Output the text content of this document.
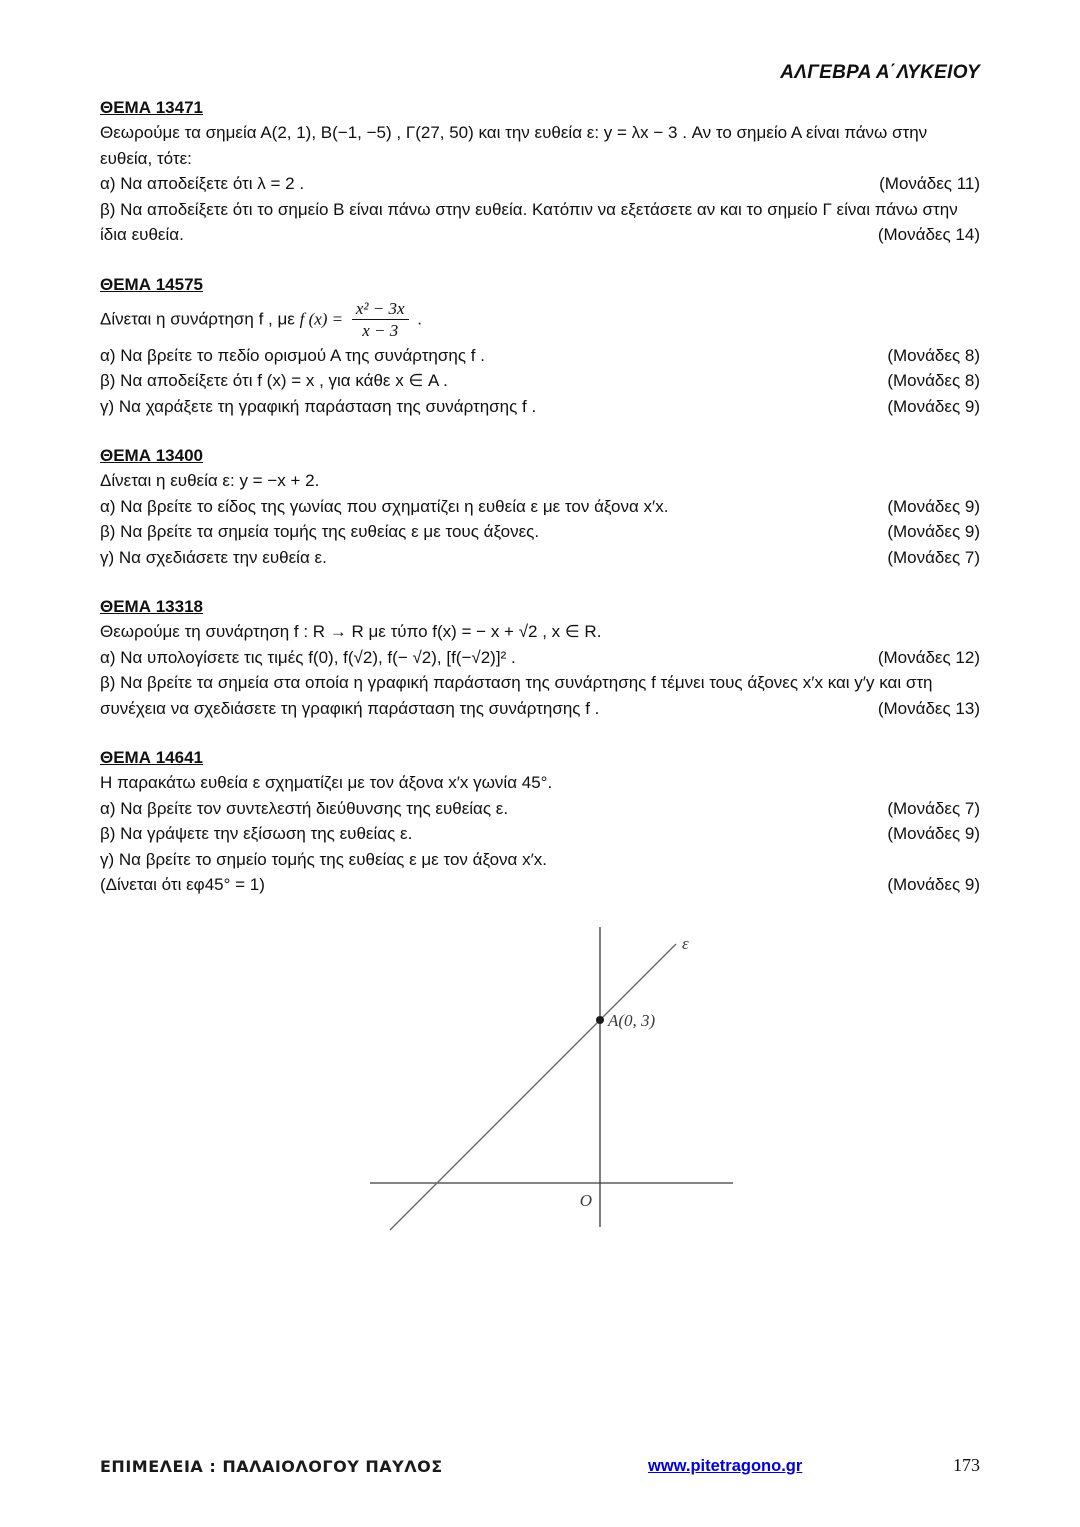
ΑΛΓΕΒΡΑ Α΄ΛΥΚΕΙΟΥ
ΘΕΜΑ 13471

Θεωρούμε τα σημεία Α(2, 1), Β(−1, −5) , Γ(27, 50) και την ευθεία ε: y = λx − 3 . Αν το σημείο Α είναι πάνω στην ευθεία, τότε:

α) Να αποδείξετε ότι λ = 2 .	(Μονάδες 11)

β) Να αποδείξετε ότι το σημείο Β είναι πάνω στην ευθεία. Κατόπιν να εξετάσετε αν και το σημείο Γ είναι πάνω στην ίδια ευθεία.	(Μονάδες 14)

ΘΕΜΑ 14575

Δίνεται η συνάρτηση f , με f $(x) = \frac{\text{x² − 3x}}{x - 3}$ .

α) Να βρείτε το πεδίο ορισμού Α της συνάρτησης f .	(Μονάδες 8)

β) Να αποδείξετε ότι f (x) = x , για κάθε x ∈ Α .	(Μονάδες 8)

γ) Να χαράξετε τη γραφική παράσταση της συνάρτησης f .	(Μονάδες 9)

ΘΕΜΑ 13400

Δίνεται η ευθεία ε: y = −x + 2.

α) Να βρείτε το είδος της γωνίας που σχηματίζει η ευθεία ε με τον άξονα x′x.	(Μονάδες 9)

β) Να βρείτε τα σημεία τομής της ευθείας ε με τους άξονες.	(Μονάδες 9)

γ) Να σχεδιάσετε την ευθεία ε.	(Μονάδες 7)

ΘΕΜΑ 13318

Θεωρούμε τη συνάρτηση f : R → R με τύπο f(x) = − x + √2 , x ∈ R.

α) Να υπολογίσετε τις τιμές f(0), f(√2), f(− √2), [f(−√2)]² .	(Μονάδες 12)

β) Να βρείτε τα σημεία στα οποία η γραφική παράσταση της συνάρτησης f τέμνει τους άξονες x′x και y′y και στη συνέχεια να σχεδιάσετε τη γραφική παράσταση της συνάρτησης f .	(Μονάδες 13)

ΘΕΜΑ 14641

Η παρακάτω ευθεία ε σχηματίζει με τον άξονα x′x γωνία 45°.

α) Να βρείτε τον συντελεστή διεύθυνσης της ευθείας ε.	(Μονάδες 7)

β) Να γράψετε την εξίσωση της ευθείας ε.	(Μονάδες 9)

γ) Να βρείτε το σημείο τομής της ευθείας ε με τον άξονα x′x.

(Δίνεται ότι εφ45° = 1)	(Μονάδες 9)

ε
A(0, 3)
O
ΕΠΙΜΕΛΕΙΑ : ΠΑΛΑΙΟΛΟΓΟΥ ΠΑΥΛΟΣ	www.pitetragono.gr	173
